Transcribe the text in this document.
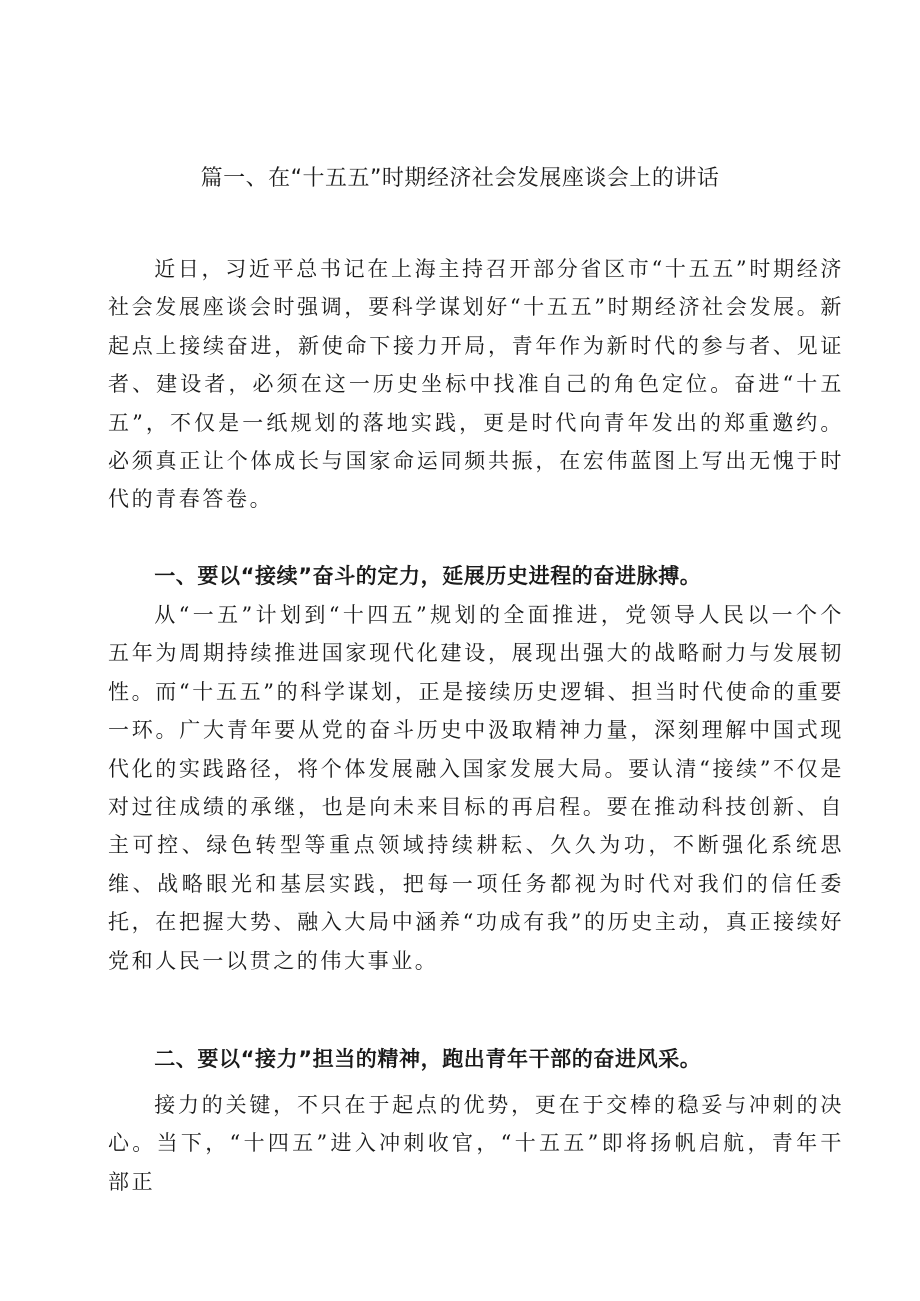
篇一、在“十五五”时期经济社会发展座谈会上的讲话

近日，习近平总书记在上海主持召开部分省区市“十五五”时期经济社会发展座谈会时强调，要科学谋划好“十五五”时期经济社会发展。新起点上接续奋进，新使命下接力开局，青年作为新时代的参与者、见证者、建设者，必须在这一历史坐标中找准自己的角色定位。奋进“十五五”，不仅是一纸规划的落地实践，更是时代向青年发出的郑重邀约。必须真正让个体成长与国家命运同频共振，在宏伟蓝图上写出无愧于时代的青春答卷。

一、要以“接续”奋斗的定力，延展历史进程的奋进脉搏。

从“一五”计划到“十四五”规划的全面推进，党领导人民以一个个五年为周期持续推进国家现代化建设，展现出强大的战略耐力与发展韧性。而“十五五”的科学谋划，正是接续历史逻辑、担当时代使命的重要一环。广大青年要从党的奋斗历史中汲取精神力量，深刻理解中国式现代化的实践路径，将个体发展融入国家发展大局。要认清“接续”不仅是对过往成绩的承继，也是向未来目标的再启程。要在推动科技创新、自主可控、绿色转型等重点领域持续耕耘、久久为功，不断强化系统思维、战略眼光和基层实践，把每一项任务都视为时代对我们的信任委托，在把握大势、融入大局中涵养“功成有我”的历史主动，真正接续好党和人民一以贯之的伟大事业。

二、要以“接力”担当的精神，跑出青年干部的奋进风采。

接力的关键，不只在于起点的优势，更在于交棒的稳妥与冲刺的决心。当下，“十四五”进入冲刺收官，“十五五”即将扬帆启航，青年干部正
